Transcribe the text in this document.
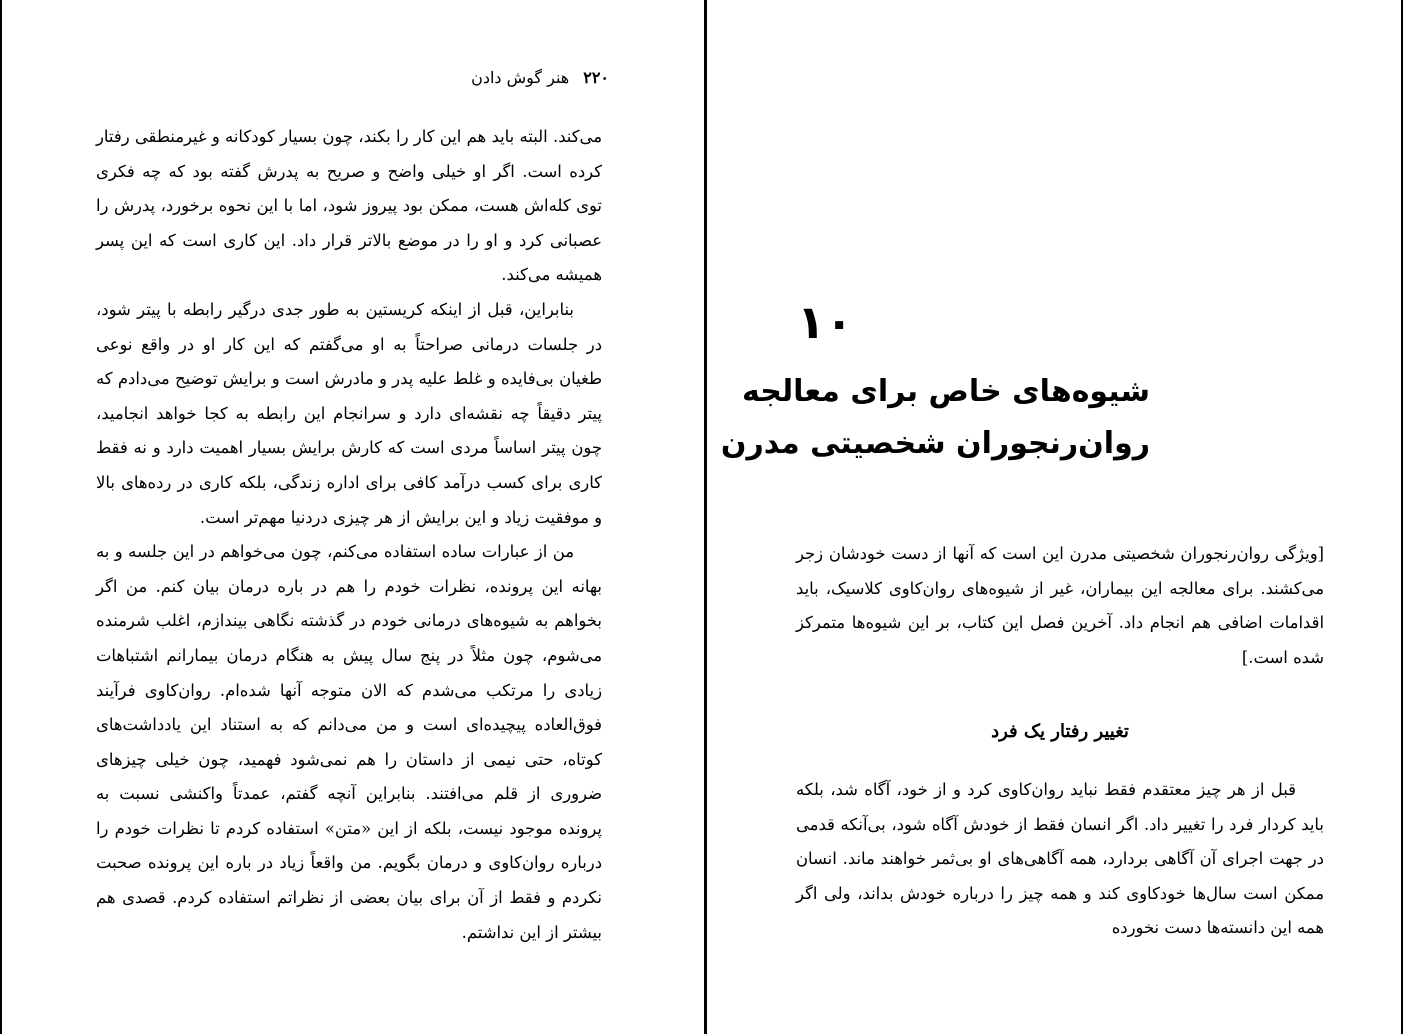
۲۲۰هنر گوش دادن

می‌کند. البته باید هم این کار را بکند، چون بسیار کودکانه و غیرمنطقی رفتار کرده است. اگر او خیلی واضح و صریح به پدرش گفته بود که چه فکری توی کله‌اش هست، ممکن بود پیروز شود، اما با این نحوه برخورد، پدرش را عصبانی کرد و او را در موضع بالاتر قرار داد. این کاری است که این پسر همیشه می‌کند.

بنابراین، قبل از اینکه کریستین به طور جدی درگیر رابطه با پیتر شود، در جلسات درمانی صراحتاً به او می‌گفتم که این کار او در واقع نوعی طغیان بی‌فایده و غلط علیه پدر و مادرش است و برایش توضیح می‌دادم که پیتر دقیقاً چه نقشه‌ای دارد و سرانجام این رابطه به کجا خواهد انجامید، چون پیتر اساساً مردی است که کارش برایش بسیار اهمیت دارد و نه فقط کاری برای کسب درآمد کافی برای اداره زندگی، بلکه کاری در رده‌های بالا و موفقیت زیاد و این برایش از هر چیزی دردنیا مهم‌تر است.

من از عبارات ساده استفاده می‌کنم، چون می‌خواهم در این جلسه و به بهانه این پرونده، نظرات خودم را هم در باره درمان بیان کنم. من اگر بخواهم به شیوه‌های درمانی خودم در گذشته نگاهی بیندازم، اغلب شرمنده می‌شوم، چون مثلاً در پنج سال پیش به هنگام درمان بیمارانم اشتباهات زیادی را مرتکب می‌شدم که الان متوجه آنها شده‌ام. روان‌کاوی فرآیند فوق‌العاده پیچیده‌ای است و من می‌دانم که به استناد این یادداشت‌های کوتاه، حتی نیمی از داستان را هم نمی‌شود فهمید، چون خیلی چیزهای ضروری از قلم می‌افتند. بنابراین آنچه گفتم، عمدتاً واکنشی نسبت به پرونده موجود نیست، بلکه از این «متن» استفاده کردم تا نظرات خودم را درباره روان‌کاوی و درمان بگویم. من واقعاً زیاد در باره این پرونده صحبت نکردم و فقط از آن برای بیان بعضی از نظراتم استفاده کردم. قصدی هم بیشتر از این نداشتم.

۱۰
شیوه‌های خاص برای معالجه
روان‌رنجوران شخصیتی مدرن

[ویژگی روان‌رنجوران شخصیتی مدرن این است که آنها از دست خودشان زجر می‌کشند. برای معالجه این بیماران، غیر از شیوه‌های روان‌کاوی کلاسیک، باید اقدامات اضافی هم انجام داد. آخرین فصل این کتاب، بر این شیوه‌ها متمرکز شده است.]

تغییر رفتار یک فرد

قبل از هر چیز معتقدم فقط نباید روان‌کاوی کرد و از خود، آگاه شد، بلکه باید کردار فرد را تغییر داد. اگر انسان فقط از خودش آگاه شود، بی‌آنکه قدمی در جهت اجرای آن آگاهی بردارد، همه آگاهی‌های او بی‌ثمر خواهند ماند. انسان ممکن است سال‌ها خودکاوی کند و همه چیز را درباره خودش بداند، ولی اگر همه این دانسته‌ها دست نخورده
